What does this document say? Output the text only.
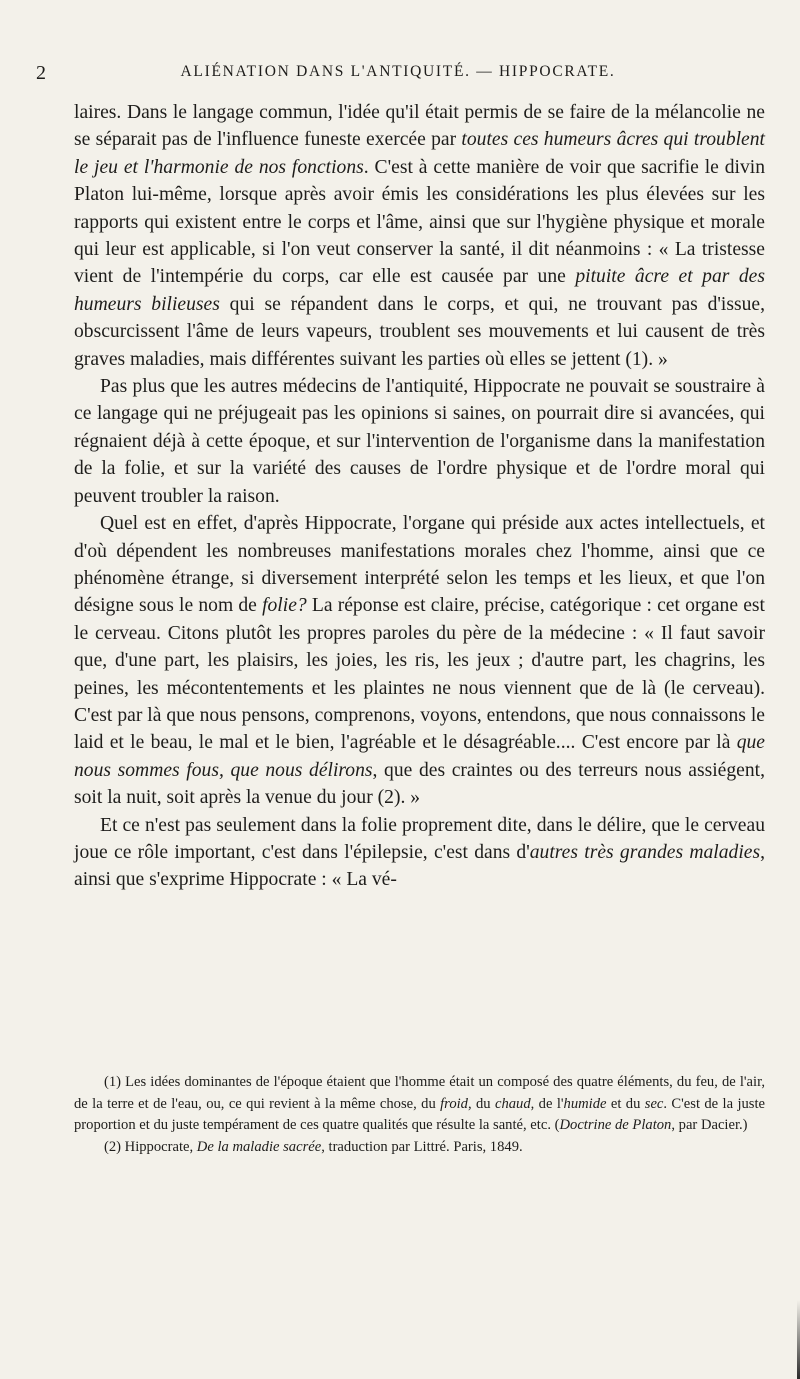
2	ALIÉNATION DANS L'ANTIQUITÉ. — HIPPOCRATE.

laires. Dans le langage commun, l'idée qu'il était permis de se faire de la mélancolie ne se séparait pas de l'influence funeste exercée par toutes ces humeurs âcres qui troublent le jeu et l'harmonie de nos fonctions. C'est à cette manière de voir que sacrifie le divin Platon lui-même, lorsque après avoir émis les considérations les plus élevées sur les rapports qui existent entre le corps et l'âme, ainsi que sur l'hygiène physique et morale qui leur est applicable, si l'on veut conserver la santé, il dit néanmoins : « La tristesse vient de l'intempérie du corps, car elle est causée par une pituite âcre et par des humeurs bilieuses qui se répandent dans le corps, et qui, ne trouvant pas d'issue, obscurcissent l'âme de leurs vapeurs, troublent ses mouvements et lui causent de très graves maladies, mais différentes suivant les parties où elles se jettent (1). »

Pas plus que les autres médecins de l'antiquité, Hippocrate ne pouvait se soustraire à ce langage qui ne préjugeait pas les opinions si saines, on pourrait dire si avancées, qui régnaient déjà à cette époque, et sur l'intervention de l'organisme dans la manifestation de la folie, et sur la variété des causes de l'ordre physique et de l'ordre moral qui peuvent troubler la raison.

Quel est en effet, d'après Hippocrate, l'organe qui préside aux actes intellectuels, et d'où dépendent les nombreuses manifestations morales chez l'homme, ainsi que ce phénomène étrange, si diversement interprété selon les temps et les lieux, et que l'on désigne sous le nom de folie? La réponse est claire, précise, catégorique : cet organe est le cerveau. Citons plutôt les propres paroles du père de la médecine : « Il faut savoir que, d'une part, les plaisirs, les joies, les ris, les jeux ; d'autre part, les chagrins, les peines, les mécontentements et les plaintes ne nous viennent que de là (le cerveau). C'est par là que nous pensons, comprenons, voyons, entendons, que nous connaissons le laid et le beau, le mal et le bien, l'agréable et le désagréable.... C'est encore par là que nous sommes fous, que nous délirons, que des craintes ou des terreurs nous assiégent, soit la nuit, soit après la venue du jour (2). »

Et ce n'est pas seulement dans la folie proprement dite, dans le délire, que le cerveau joue ce rôle important, c'est dans l'épilepsie, c'est dans d'autres très grandes maladies, ainsi que s'exprime Hippocrate : « La vé-

(1) Les idées dominantes de l'époque étaient que l'homme était un composé des quatre éléments, du feu, de l'air, de la terre et de l'eau, ou, ce qui revient à la même chose, du froid, du chaud, de l'humide et du sec. C'est de la juste proportion et du juste tempérament de ces quatre qualités que résulte la santé, etc. (Doctrine de Platon, par Dacier.)

(2) Hippocrate, De la maladie sacrée, traduction par Littré. Paris, 1849.
